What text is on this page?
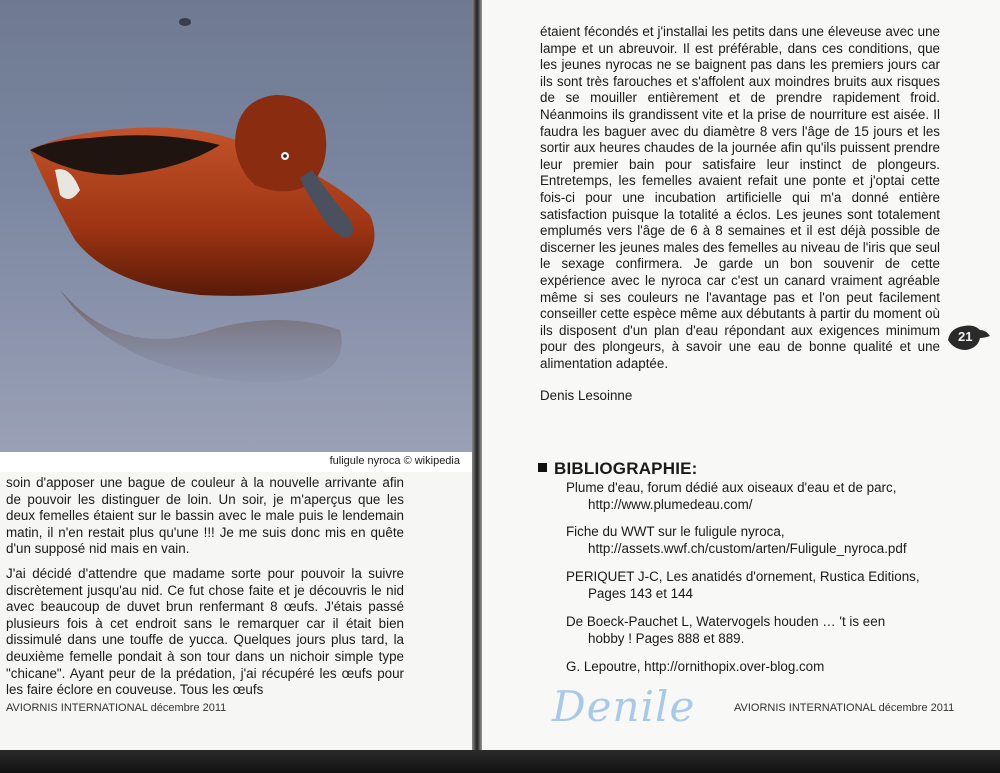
fuligule nyroca © wikipedia

soin d'apposer une bague de couleur à la nouvelle arrivante afin de pouvoir les distinguer de loin. Un soir, je m'aperçus que les deux femelles étaient sur le bassin avec le male puis le lendemain matin, il n'en restait plus qu'une !!! Je me suis donc mis en quête d'un supposé nid mais en vain.

J'ai décidé d'attendre que madame sorte pour pouvoir la suivre discrètement jusqu'au nid. Ce fut chose faite et je découvris le nid avec beaucoup de duvet brun renfermant 8 œufs. J'étais passé plusieurs fois à cet endroit sans le remarquer car il était bien dissimulé dans une touffe de yucca. Quelques jours plus tard, la deuxième femelle pondait à son tour dans un nichoir simple type "chicane". Ayant peur de la prédation, j'ai récupéré les œufs pour les faire éclore en couveuse. Tous les œufs

AVIORNIS INTERNATIONAL décembre 2011

étaient fécondés et j'installai les petits dans une éleveuse avec une lampe et un abreuvoir. Il est préférable, dans ces conditions, que les jeunes nyrocas ne se baignent pas dans les premiers jours car ils sont très farouches et s'affolent aux moindres bruits aux risques de se mouiller entièrement et de prendre rapidement froid. Néanmoins ils grandissent vite et la prise de nourriture est aisée. Il faudra les baguer avec du diamètre 8 vers l'âge de 15 jours et les sortir aux heures chaudes de la journée afin qu'ils puissent prendre leur premier bain pour satisfaire leur instinct de plongeurs. Entretemps, les femelles avaient refait une ponte et j'optai cette fois-ci pour une incubation artificielle qui m'a donné entière satisfaction puisque la totalité a éclos. Les jeunes sont totalement emplumés vers l'âge de 6 à 8 semaines et il est déjà possible de discerner les jeunes males des femelles au niveau de l'iris que seul le sexage confirmera. Je garde un bon souvenir de cette expérience avec le nyroca car c'est un canard vraiment agréable même si ses couleurs ne l'avantage pas et l'on peut facilement conseiller cette espèce même aux débutants à partir du moment où ils disposent d'un plan d'eau répondant aux exigences minimum pour des plongeurs, à savoir une eau de bonne qualité et une alimentation adaptée.

Denis Lesoinne
BIBLIOGRAPHIE:
Plume d'eau, forum dédié aux oiseaux d'eau et de parc,
http://www.plumedeau.com/
Fiche du WWT sur le fuligule nyroca,
http://assets.wwf.ch/custom/arten/Fuligule_nyroca.pdf
PERIQUET J-C, Les anatidés d'ornement, Rustica Editions,
Pages 143 et 144
De Boeck-Pauchet L, Watervogels houden … 't is een
hobby ! Pages 888 et 889.
G. Lepoutre, http://ornithopix.over-blog.com
AVIORNIS INTERNATIONAL décembre 2011
Denile
21
